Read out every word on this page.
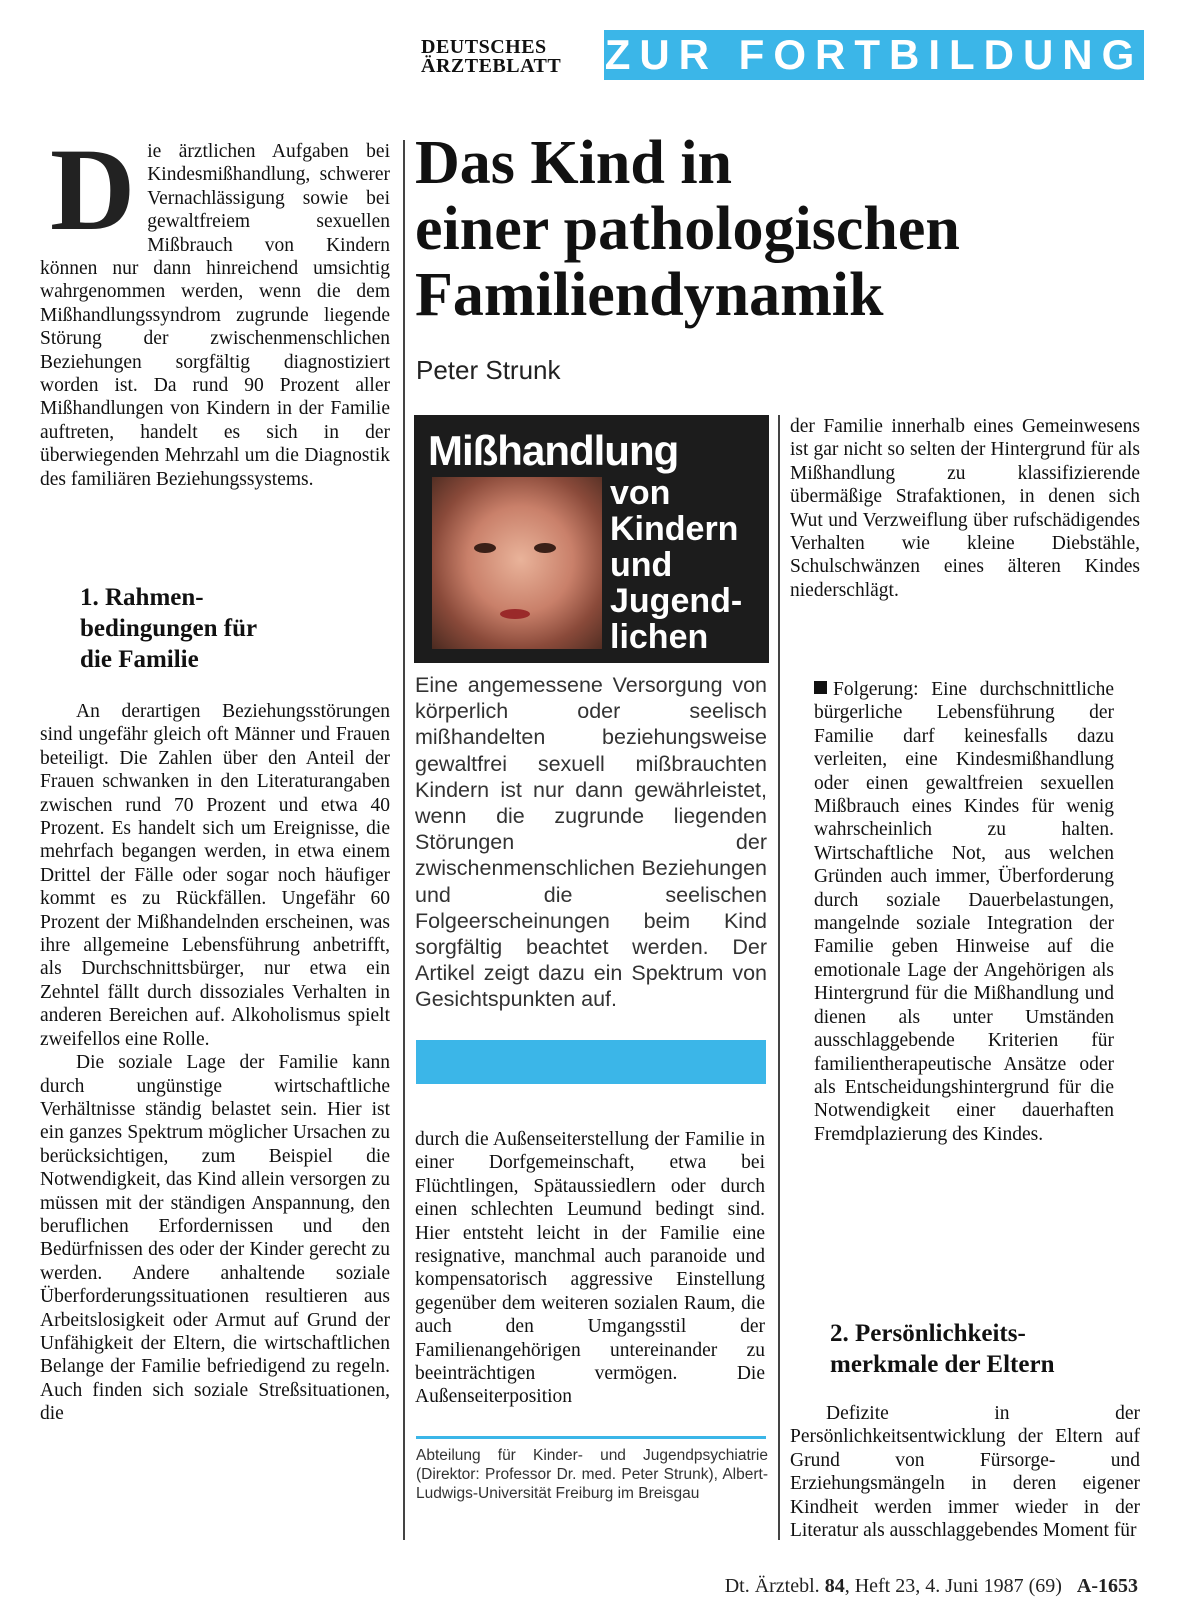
DEUTSCHES
ÄRZTEBLATT	ZUR FORTBILDUNG
D ie ärztlichen Aufgaben bei Kindesmißhandlung, schwerer Vernachlässigung sowie bei gewaltfreiem sexuellen Mißbrauch von Kindern können nur dann hinreichend umsichtig wahrgenommen werden, wenn die dem Mißhandlungssyndrom zugrunde liegende Störung der zwischenmenschlichen Beziehungen sorgfältig diagnostiziert worden ist. Da rund 90 Prozent aller Mißhandlungen von Kindern in der Familie auftreten, handelt es sich in der überwiegenden Mehrzahl um die Diagnostik des familiären Beziehungssystems.

1. Rahmen-
bedingungen für
die Familie

An derartigen Beziehungsstörungen sind ungefähr gleich oft Männer und Frauen beteiligt. Die Zahlen über den Anteil der Frauen schwanken in den Literaturangaben zwischen rund 70 Prozent und etwa 40 Prozent. Es handelt sich um Ereignisse, die mehrfach begangen werden, in etwa einem Drittel der Fälle oder sogar noch häufiger kommt es zu Rückfällen. Ungefähr 60 Prozent der Mißhandelnden erscheinen, was ihre allgemeine Lebensführung anbetrifft, als Durchschnittsbürger, nur etwa ein Zehntel fällt durch dissoziales Verhalten in anderen Bereichen auf. Alkoholismus spielt zweifellos eine Rolle.

Die soziale Lage der Familie kann durch ungünstige wirtschaftliche Verhältnisse ständig belastet sein. Hier ist ein ganzes Spektrum möglicher Ursachen zu berücksichtigen, zum Beispiel die Notwendigkeit, das Kind allein versorgen zu müssen mit der ständigen Anspannung, den beruflichen Erfordernissen und den Bedürfnissen des oder der Kinder gerecht zu werden. Andere anhaltende soziale Überforderungssituationen resultieren aus Arbeitslosigkeit oder Armut auf Grund der Unfähigkeit der Eltern, die wirtschaftlichen Belange der Familie befriedigend zu regeln. Auch finden sich soziale Streßsituationen, die

Das Kind in
einer pathologischen
Familiendynamik
Peter Strunk
Mißhandlung
von
Kindern
und
Jugend-
lichen
Eine angemessene Versorgung von körperlich oder seelisch mißhandelten beziehungsweise gewaltfrei sexuell mißbrauchten Kindern ist nur dann gewährleistet, wenn die zugrunde liegenden Störungen der zwischenmenschlichen Beziehungen und die seelischen Folgeerscheinungen beim Kind sorgfältig beachtet werden. Der Artikel zeigt dazu ein Spektrum von Gesichtspunkten auf.

durch die Außenseiterstellung der Familie in einer Dorfgemeinschaft, etwa bei Flüchtlingen, Spätaussiedlern oder durch einen schlechten Leumund bedingt sind. Hier entsteht leicht in der Familie eine resignative, manchmal auch paranoide und kompensatorisch aggressive Einstellung gegenüber dem weiteren sozialen Raum, die auch den Umgangsstil der Familienangehörigen untereinander zu beeinträchtigen vermögen. Die Außenseiterposition

Abteilung für Kinder- und Jugendpsychiatrie (Direktor: Professor Dr. med. Peter Strunk), Albert-Ludwigs-Universität Freiburg im Breisgau

der Familie innerhalb eines Gemeinwesens ist gar nicht so selten der Hintergrund für als Mißhandlung zu klassifizierende übermäßige Strafaktionen, in denen sich Wut und Verzweiflung über rufschädigendes Verhalten wie kleine Diebstähle, Schulschwänzen eines älteren Kindes niederschlägt.

Folgerung: Eine durchschnittliche bürgerliche Lebensführung der Familie darf keinesfalls dazu verleiten, eine Kindesmißhandlung oder einen gewaltfreien sexuellen Mißbrauch eines Kindes für wenig wahrscheinlich zu halten. Wirtschaftliche Not, aus welchen Gründen auch immer, Überforderung durch soziale Dauerbelastungen, mangelnde soziale Integration der Familie geben Hinweise auf die emotionale Lage der Angehörigen als Hintergrund für die Mißhandlung und dienen als unter Umständen ausschlaggebende Kriterien für familientherapeutische Ansätze oder als Entscheidungshintergrund für die Notwendigkeit einer dauerhaften Fremdplazierung des Kindes.

2. Persönlichkeits-
merkmale der Eltern

Defizite in der Persönlichkeitsentwicklung der Eltern auf Grund von Fürsorge- und Erziehungsmängeln in deren eigener Kindheit werden immer wieder in der Literatur als ausschlaggebendes Moment für

Dt. Ärztebl. 84, Heft 23, 4. Juni 1987 (69) A-1653
